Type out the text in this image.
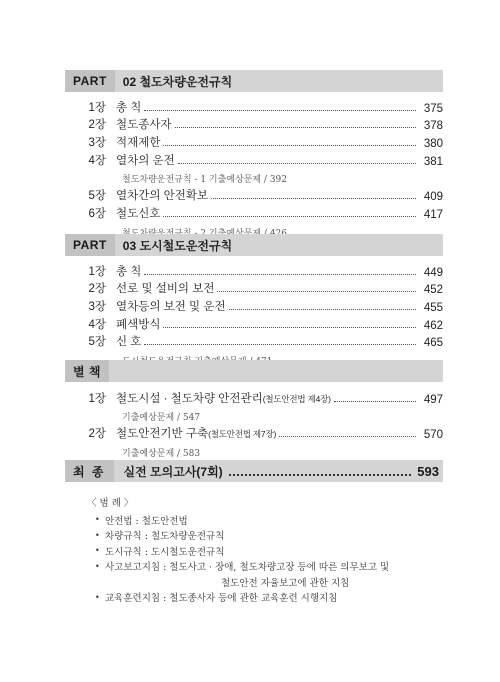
PART	02 철도차량운전규칙
1장 총 칙	375
2장 철도종사자	378
3장 적재제한	380
4장 열차의 운전	381
철도차량운전규칙 - 1 기출예상문제 / 392
5장 열차간의 안전확보	409
6장 철도신호	417
PART	03 도시철도운전규칙
1장 총 칙	449
2장 선로 및 설비의 보전	452
3장 열차등의 보전 및 운전	455
4장 폐색방식	462
5장 신 호	465
별 책
1장 철도시설 · 철도차량 안전관리(철도안전법 제4장)	497
기출예상문제 / 547
2장 철도안전기반 구축(철도안전법 제7장)	570
기출예상문제 / 583
최 종	실전 모의고사(7회)	593
〈 범 례 〉
• 안전법 : 철도안전법
• 차량규칙 : 철도차량운전규칙
• 도시규칙 : 도시철도운전규칙
• 사고보고지침 : 철도사고 · 장애, 철도차량고장 등에 따른 의무보고 및
철도안전 자율보고에 관한 지침
• 교육훈련지침 : 철도종사자 등에 관한 교육훈련 시행지침
